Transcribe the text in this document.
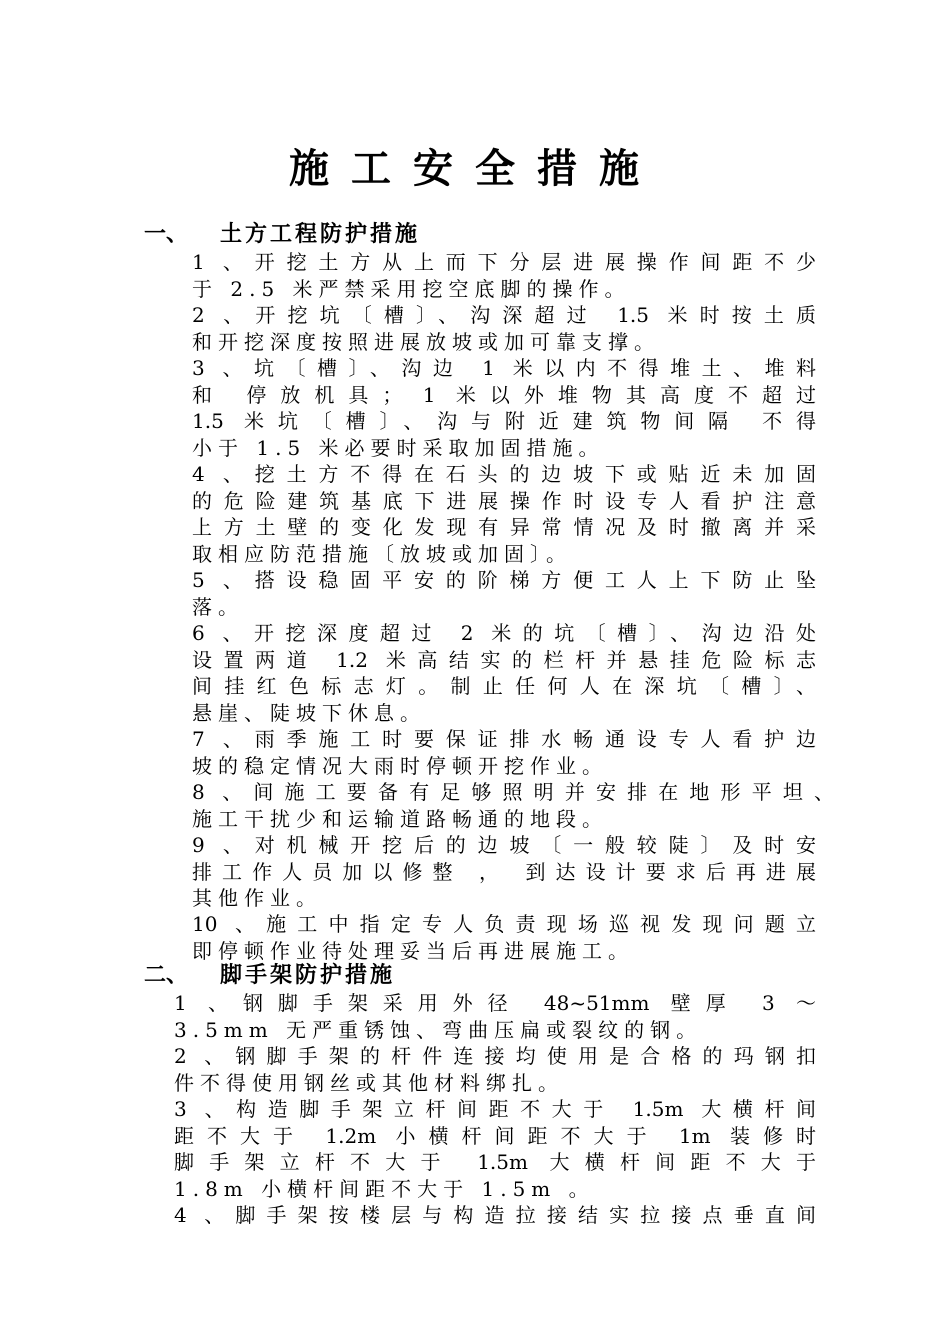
施工安全措施
一、 土方工程防护措施
1 、开挖土方从上而下分层进展操作间距不少
于 2.5 米严禁采用挖空底脚的操作。
2 、开挖坑〔槽〕、沟深超过 1.5 米时按土质
和开挖深度按照进展放坡或加可靠支撑。
3 、坑〔槽〕、沟边 1 米以内不得堆土、堆料
和 停放机具； 1 米以外堆物其高度不超过
1.5 米坑〔槽〕、沟与附近建筑物间隔 不得
小于 1.5 米必要时采取加固措施。
4 、挖土方不得在石头的边坡下或贴近未加固
的危险建筑基底下进展操作时设专人看护注意
上方土壁的变化发现有异常情况及时撤离并采
取相应防范措施〔放坡或加固〕。
5 、搭设稳固平安的阶梯方便工人上下防止坠
落。
6 、开挖深度超过 2 米的坑〔槽〕、沟边沿处
设置两道 1.2 米高结实的栏杆并悬挂危险标志
间挂红色标志灯。制止任何人在深坑〔槽〕、
悬崖、陡坡下休息。
7 、雨季施工时要保证排水畅通设专人看护边
坡的稳定情况大雨时停顿开挖作业。
8 、间施工要备有足够照明并安排在地形平坦、
施工干扰少和运输道路畅通的地段。
9 、对机械开挖后的边坡〔一般较陡〕及时安
排工作人员加以修整 ， 到达设计要求后再进展
其他作业。
10 、施工中指定专人负责现场巡视发现问题立
即停顿作业待处理妥当后再进展施工。
二、 脚手架防护措施
1 、钢脚手架采用外径 48~51mm 壁厚 3 ～
3.5mm 无严重锈蚀、弯曲压扁或裂纹的钢。
2 、钢脚手架的杆件连接均使用是合格的玛钢扣
件不得使用钢丝或其他材料绑扎。
3 、构造脚手架立杆间距不大于 1.5m 大横杆间
距不大于 1.2m 小横杆间距不大于 1m 装修时
脚手架立杆不大于 1.5m 大横杆间距不大于
1.8m 小横杆间距不大于 1.5m 。
4 、脚手架按楼层与构造拉接结实拉接点垂直间
